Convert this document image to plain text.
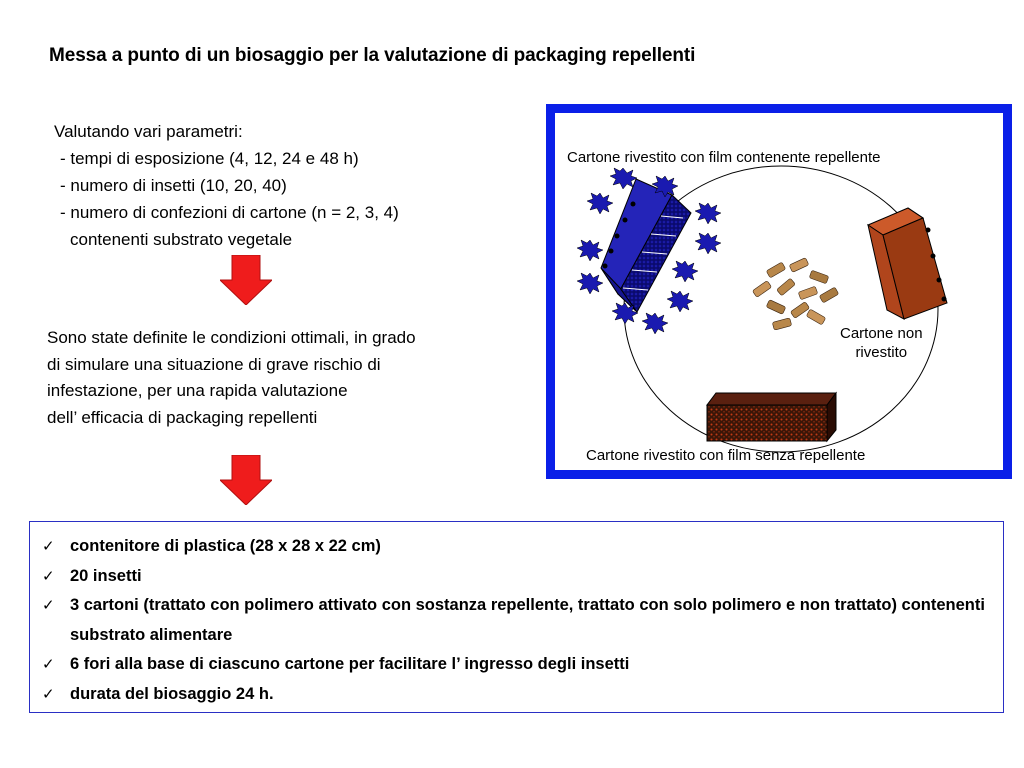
Messa a punto di un biosaggio per la valutazione di packaging repellenti
Valutando vari parametri:
- tempi di esposizione (4, 12, 24 e 48 h)
- numero di insetti (10, 20, 40)
- numero di confezioni di cartone (n = 2, 3, 4)
contenenti substrato vegetale
Sono state definite le condizioni ottimali, in grado
di simulare una situazione di grave rischio di
infestazione, per una rapida valutazione
dell’ efficacia di packaging repellenti
Cartone rivestito con film contenente repellente
Cartone non
rivestito
Cartone rivestito con film senza repellente
✓ contenitore di plastica (28 x 28 x 22 cm)
✓ 20 insetti
✓ 3 cartoni (trattato con polimero attivato con sostanza repellente, trattato con solo polimero e non trattato) contenenti substrato alimentare
✓ 6 fori alla base di ciascuno cartone per facilitare l’ ingresso degli insetti
✓ durata del biosaggio 24 h.
